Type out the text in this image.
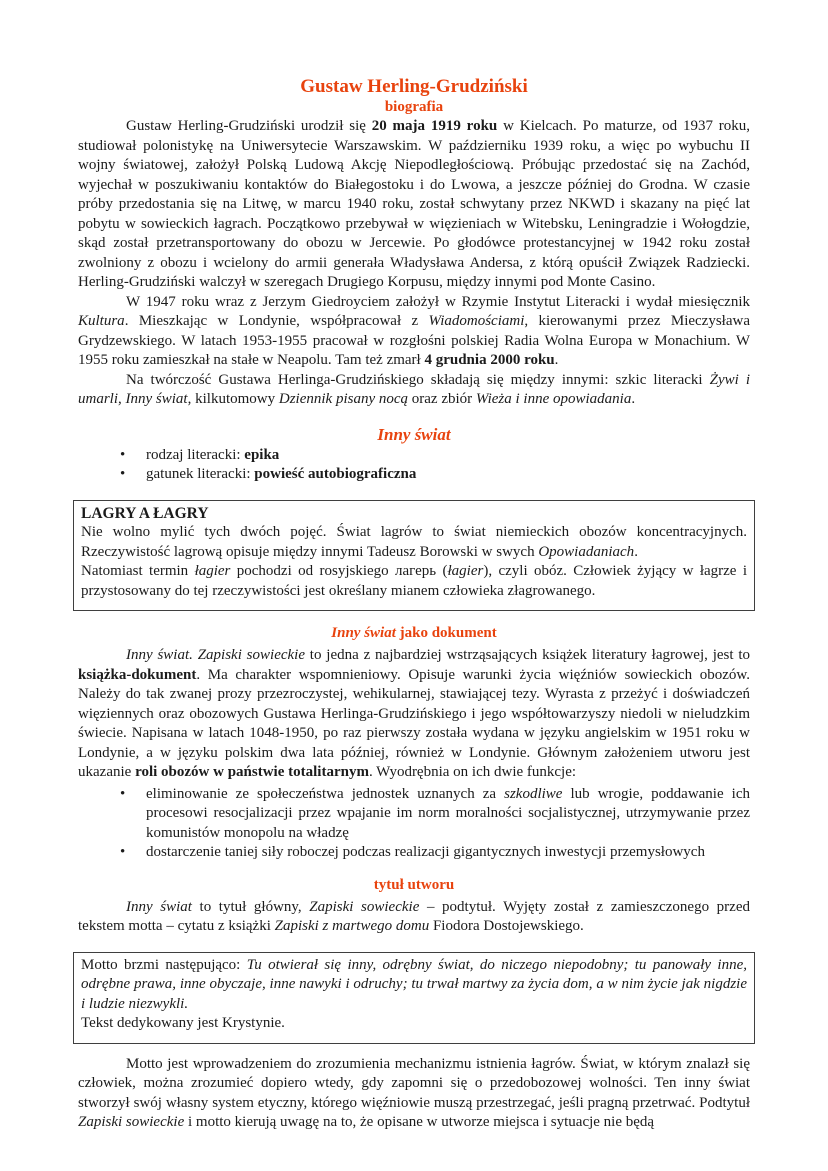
Gustaw Herling-Grudziński
biografia

Gustaw Herling-Grudziński urodził się 20 maja 1919 roku w Kielcach. Po maturze, od 1937 roku, studiował polonistykę na Uniwersytecie Warszawskim. W październiku 1939 roku, a więc po wybuchu II wojny światowej, założył Polską Ludową Akcję Niepodległościową. Próbując przedostać się na Zachód, wyjechał w poszukiwaniu kontaktów do Białegostoku i do Lwowa, a jeszcze później do Grodna. W czasie próby przedostania się na Litwę, w marcu 1940 roku, został schwytany przez NKWD i skazany na pięć lat pobytu w sowieckich łagrach. Początkowo przebywał w więzieniach w Witebsku, Leningradzie i Wołogdzie, skąd został przetransportowany do obozu w Jercewie. Po głodówce protestancyjnej w 1942 roku został zwolniony z obozu i wcielony do armii generała Władysława Andersa, z którą opuścił Związek Radziecki. Herling-Grudziński walczył w szeregach Drugiego Korpusu, między innymi pod Monte Casino.

W 1947 roku wraz z Jerzym Giedroyciem założył w Rzymie Instytut Literacki i wydał miesięcznik Kultura. Mieszkając w Londynie, współpracował z Wiadomościami, kierowanymi przez Mieczysława Grydzewskiego. W latach 1953-1955 pracował w rozgłośni polskiej Radia Wolna Europa w Monachium. W 1955 roku zamieszkał na stałe w Neapolu. Tam też zmarł 4 grudnia 2000 roku.

Na twórczość Gustawa Herlinga-Grudzińskiego składają się między innymi: szkic literacki Żywi i umarli, Inny świat, kilkutomowy Dziennik pisany nocą oraz zbiór Wieża i inne opowiadania.

Inny świat
• rodzaj literacki: epika
• gatunek literacki: powieść autobiograficzna

LAGRY A ŁAGRY

Nie wolno mylić tych dwóch pojęć. Świat lagrów to świat niemieckich obozów koncentracyjnych. Rzeczywistość lagrową opisuje między innymi Tadeusz Borowski w swych Opowiadaniach.

Natomiast termin łagier pochodzi od rosyjskiego лагерь (łagier), czyli obóz. Człowiek żyjący w łagrze i przystosowany do tej rzeczywistości jest określany mianem człowieka złagrowanego.

Inny świat jako dokument

Inny świat. Zapiski sowieckie to jedna z najbardziej wstrząsających książek literatury łagrowej, jest to książka-dokument. Ma charakter wspomnieniowy. Opisuje warunki życia więźniów sowieckich obozów. Należy do tak zwanej prozy przezroczystej, wehikularnej, stawiającej tezy. Wyrasta z przeżyć i doświadczeń więziennych oraz obozowych Gustawa Herlinga-Grudzińskiego i jego współtowarzyszy niedoli w nieludzkim świecie. Napisana w latach 1048-1950, po raz pierwszy została wydana w języku angielskim w 1951 roku w Londynie, a w języku polskim dwa lata później, również w Londynie. Głównym założeniem utworu jest ukazanie roli obozów w państwie totalitarnym. Wyodrębnia on ich dwie funkcje:

• eliminowanie ze społeczeństwa jednostek uznanych za szkodliwe lub wrogie, poddawanie ich procesowi resocjalizacji przez wpajanie im norm moralności socjalistycznej, utrzymywanie przez komunistów monopolu na władzę
• dostarczenie taniej siły roboczej podczas realizacji gigantycznych inwestycji przemysłowych
tytuł utworu

Inny świat to tytuł główny, Zapiski sowieckie – podtytuł. Wyjęty został z zamieszczonego przed tekstem motta – cytatu z książki Zapiski z martwego domu Fiodora Dostojewskiego.

Motto brzmi następująco: Tu otwierał się inny, odrębny świat, do niczego niepodobny; tu panowały inne, odrębne prawa, inne obyczaje, inne nawyki i odruchy; tu trwał martwy za życia dom, a w nim życie jak nigdzie i ludzie niezwykli.

Tekst dedykowany jest Krystynie.

Motto jest wprowadzeniem do zrozumienia mechanizmu istnienia łagrów. Świat, w którym znalazł się człowiek, można zrozumieć dopiero wtedy, gdy zapomni się o przedobozowej wolności. Ten inny świat stworzył swój własny system etyczny, którego więźniowie muszą przestrzegać, jeśli pragną przetrwać. Podtytuł Zapiski sowieckie i motto kierują uwagę na to, że opisane w utworze miejsca i sytuacje nie będą
